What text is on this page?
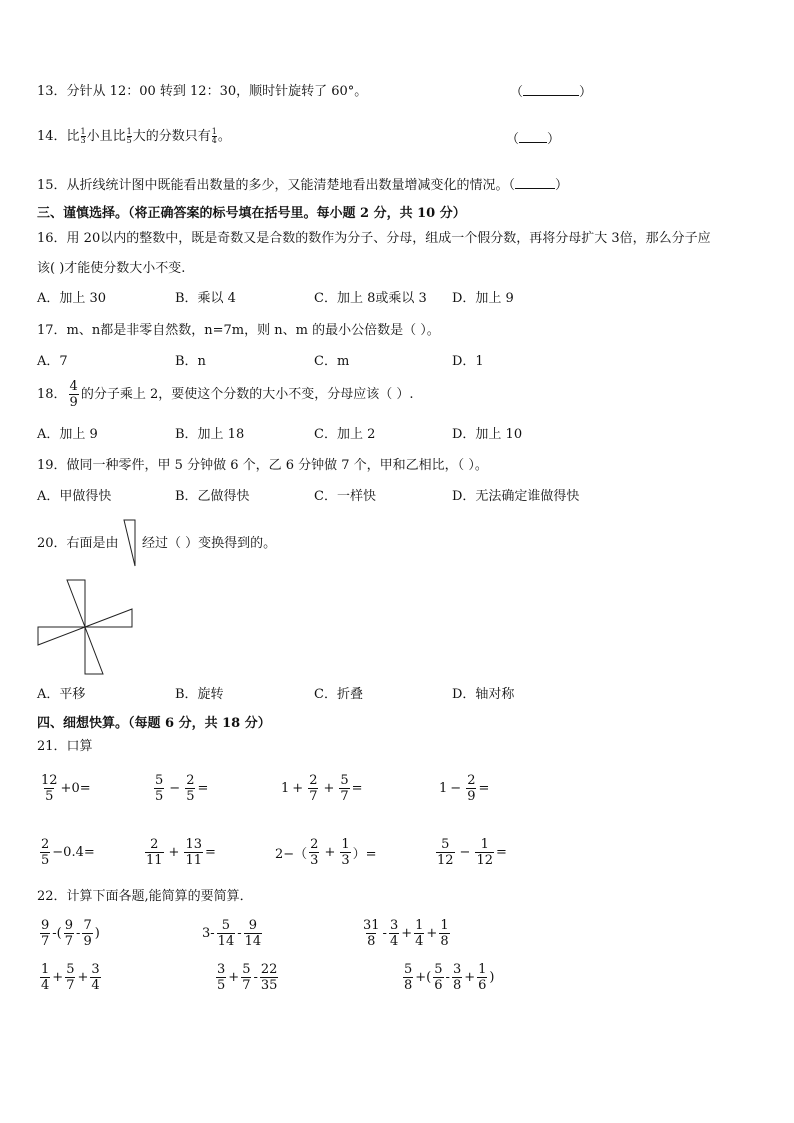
13．分针从 12：00 转到 12：30，顺时针旋转了 60°。	（	）
14．比 $\frac{1}{3}$ 小且比 $\frac{1}{5}$ 大的分数只有 $\frac{1}{4}$ 。	（ ）
15．从折线统计图中既能看出数量的多少，又能清楚地看出数量增减变化的情况。（	）
三、谨慎选择。（将正确答案的标号填在括号里。每小题 2 分，共 10 分）
16．用 20以内的整数中，既是奇数又是合数的数作为分子、分母，组成一个假分数，再将分母扩大 3倍，那么分子应
该( )才能使分数大小不变.
A．加上 30	B．乘以 4	C．加上 8或乘以 3 D．加上 9
17．m、n都是非零自然数，n=7m，则 n、m 的最小公倍数是（ ）。
A．7	B．n	C．m	D．1
18． $\frac{4}{9}$ 的分子乘上 2，要使这个分数的大小不变，分母应该（ ）.
A．加上 9	B．加上 18	C．加上 2	D．加上 10
19．做同一种零件，甲 5 分钟做 6 个，乙 6 分钟做 7 个，甲和乙相比，（ ）。
A．甲做得快	B．乙做得快	C．一样快	D．无法确定谁做得快
20．右面是由 经过（ ）变换得到的。
A．平移	B．旋转	C．折叠	D．轴对称
四、细想快算。（每题 6 分，共 18 分）
21．口算
$\frac{12}{5} +0=$	$\frac{5}{5} - \frac{2}{5}$ =	$1 + \frac{2}{7} + \frac{5}{7}$ =	$1 - \frac{2}{9}$ =
$\frac{2}{5} -0.4=$	$\frac{2}{11} + \frac{13}{11}$ =	$2-( \frac{2}{3} + \frac{1}{3}$ ）=	$\frac{5}{12} - \frac{1}{12}$ =
22．计算下面各题,能简算的要简算．
$\frac{9}{7}$ -( $\frac{9}{7} - \frac{7}{9}$ )	$3- \frac{5}{14} - \frac{9}{14}$	$\frac{31}{8} - \frac{3}{4} + \frac{1}{4} + \frac{1}{8}$
$\frac{1}{4} + \frac{5}{7} + \frac{3}{4}$	$\frac{3}{5} + \frac{5}{7} - \frac{22}{35}$	$\frac{5}{8}$ +( $\frac{5}{6} - \frac{3}{8} + \frac{1}{6}$ )
